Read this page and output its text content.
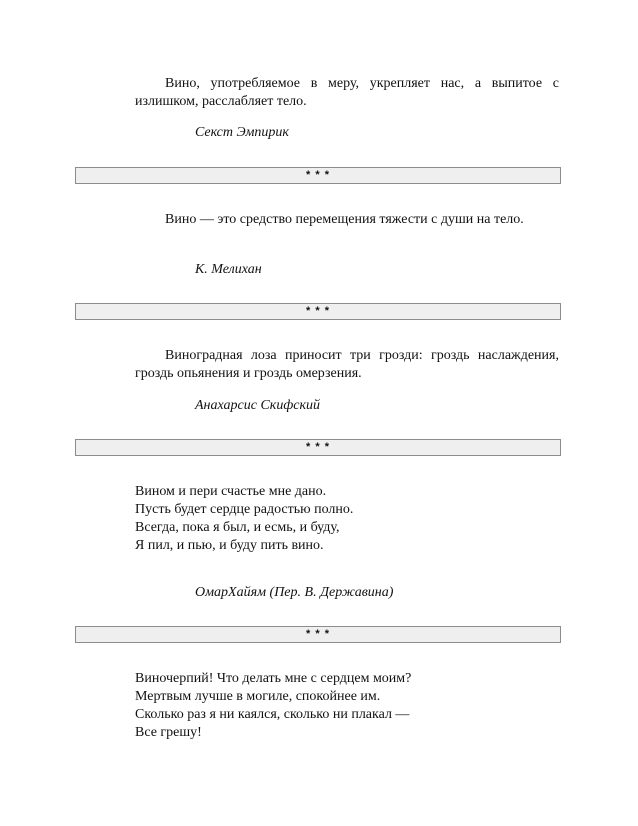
Вино, употребляемое в меру, укрепляет нас, а выпитое с излишком, расслабляет тело.

Секст Эмпирик
* * *

Вино — это средство перемещения тяжести с души на тело.

К. Мелихан
* * *

Виноградная лоза приносит три грозди: гроздь наслаждения, гроздь опьянения и гроздь омерзения.

Анахарсис Скифский
* * *
Вином и пери счастье мне дано.
Пусть будет сердце радостью полно.
Всегда, пока я был, и есмь, и буду,
Я пил, и пью, и буду пить вино.
ОмарХайям (Пер. В. Державина)
* * *
Виночерпий! Что делать мне с сердцем моим?
Мертвым лучше в могиле, спокойнее им.
Сколько раз я ни каялся, сколько ни плакал —
Все грешу!
